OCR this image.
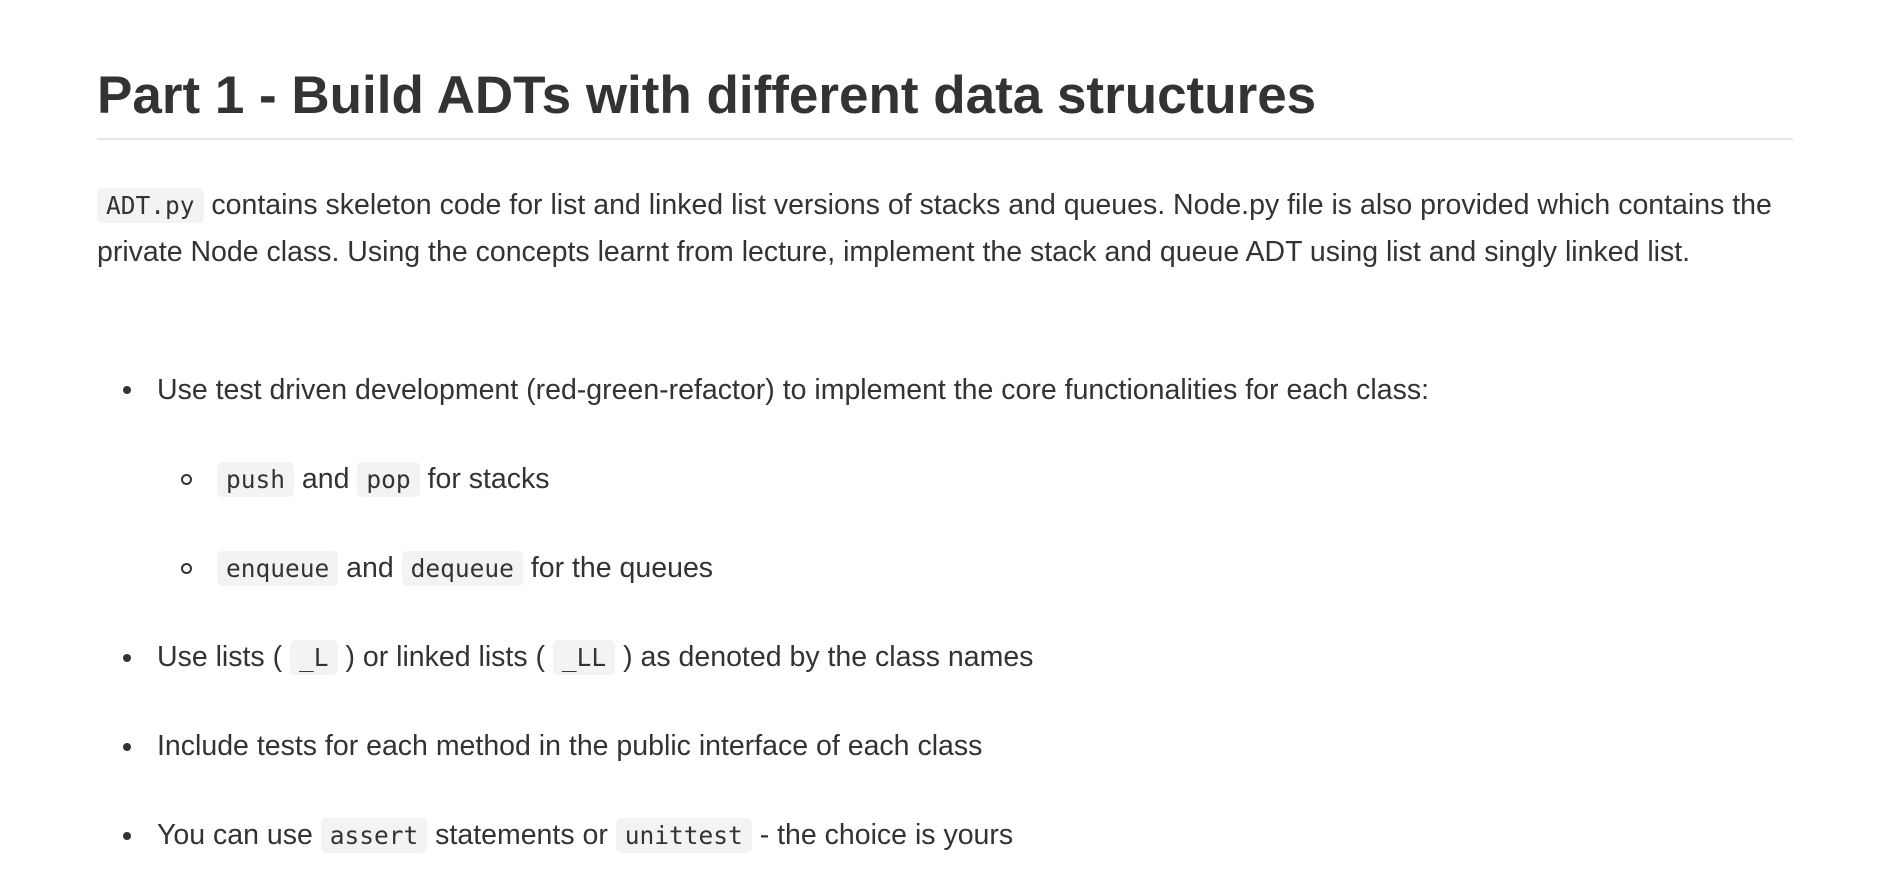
Part 1 - Build ADTs with different data structures

ADT.py contains skeleton code for list and linked list versions of stacks and queues. Node.py file is also provided which contains the private Node class. Using the concepts learnt from lecture, implement the stack and queue ADT using list and singly linked list.

Use test driven development (red-green-refactor) to implement the core functionalities for each class:
push and pop for stacks
enqueue and dequeue for the queues
Use lists ( _L ) or linked lists ( _LL ) as denoted by the class names
Include tests for each method in the public interface of each class
You can use assert statements or unittest - the choice is yours
